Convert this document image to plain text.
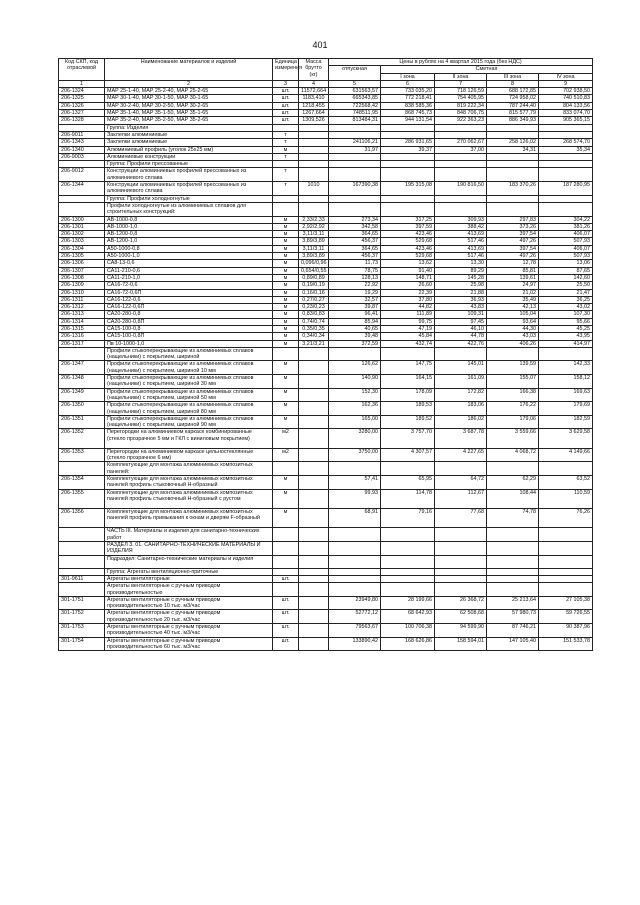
401
Код СКП, код отраслевой	Наименование материалов и изделий	Единица измерения	Масса брутто (кг)	Цены в рублях на 4 квартал 2015 года (без НДС)				
				отпускная	Сметная			
					I зона	II зона	III зона	IV зона
1	2	3	4	5	6	7	8	9
206-1324	МАР 25-1-40, МАР 25-2-40, МАР 25-2-65	шт.	11572,664	631563,57	733 035,20	718 126,59	688 172,85	702 938,50
206-1325	МАР 30-1-40, МАР 30-1-50, МАР 30-1-65	шт.	1183,410	665343,85	772 218,41	754 405,95	724 958,02	740 510,83
206-1326	МАР 30-2-40, МАР 30-2-50, МАР 30-2-65	шт.	1218,455	722568,42	838 585,36	819 222,34	787 244,40	804 133,56
206-1327	МАР 35-1-40, МАР 35-1-50, МАР 35-1-65	шт.	1267,664	748511,95	868 745,73	848 706,75	815 577,79	833 074,70
206-1328	МАР 35-2-40, МАР 35-2-50, МАР 35-2-65	шт.	1309,526	813484,31	944 131,54	922 363,23	886 349,93	905 365,15
	Группа: Изделия							
206-9011	Заклепки алюминиевые	т						
206-1343	Заклепки алюминиевые	т		241106,21	286 931,65	270 062,67	258 126,02	268 574,70
206-1340	Алюминиевый профиль (уголок 25х25 мм)	м		31,97	39,37	37,00	34,31	35,34
206-9003	Алюминиевые конструкции	т						
	Группа: Профили прессованные							
206-9012	Конструкции алюминиевых профилей прессованных из алюминиевого сплава	т						
206-1344	Конструкции алюминиевых профилей прессованных из алюминиевого сплава	т	1010	167390,38	195 315,08	190 816,50	183 370,26	187 280,95
	Группа: Профили холодногнутые							
	Профили холодногнутые из алюминиевых сплавов для строительных конструкций:							
206-1300	АВ-1000-0,8	м	2,33/2,33	273,34	317,25	309,93	297,83	304,22
206-1301	АВ-1000-1,0	м	2,92/2,92	342,58	397,59	388,42	373,26	381,26
206-1302	АВ-1200-0,8	м	3,11/3,11	364,65	423,46	413,69	397,54	406,07
206-1303	АВ-1200-1,0	м	3,89/3,89	456,37	529,68	517,46	497,26	507,93
206-1304	А50-1000-0,8	м	3,11/3,11	364,65	423,46	413,69	397,54	406,07
206-1305	А50-1000-1,0	м	3,89/3,89	456,37	529,68	517,46	497,26	507,93
206-1306	СА8-13-0,6	м	0,096/0,96	11,73	13,62	13,30	12,78	13,06
206-1307	СА11-210-0,6	м	0,654/0,55	78,75	91,40	89,29	85,81	87,65
206-1308	СА11-210-1,0	м	0,89/0,89	128,13	148,71	145,28	139,61	142,60
206-1309	СА16-72-0,6	м	0,19/0,19	22,92	26,60	25,98	24,97	25,50
206-1310	СА16-72-0,6П	м	0,16/0,16	19,29	22,39	21,88	21,02	21,47
206-1311	СА16-122-0,6	м	0,27/0,27	32,57	37,80	36,93	35,49	36,25
206-1312	СА16-122-0,6П	м	0,23/0,23	39,87	44,82	43,83	42,13	43,02
206-1313	СА20-280-0,8	м	0,83/0,83	96,41	111,89	109,31	105,04	107,30
206-1314	СА20-280-0,8П	м	0,74/0,74	85,94	99,75	97,45	93,64	95,66
206-1315	СА15-100-0,8	м	0,35/0,35	40,65	47,19	46,10	44,30	45,25
206-1316	СА15-100-0,8П	м	0,34/0,34	39,48	45,84	44,78	43,03	43,95
206-1317	Пв 10-1000-1,0	м	3,21/3,21	372,59	432,74	422,76	406,26	414,97
	Профили стыкоперекрывающие из алюминиевых сплавов (нащельники) с покрытием, шириной							
206-1347	Профили стыкоперекрывающие из алюминиевых сплавов (нащельники) с покрытием, шириной 10 мм	м		126,62	147,75	145,01	139,59	142,33
206-1348	Профили стыкоперекрывающие из алюминиевых сплавов (нащельники) с покрытием, шириной 30 мм	м		140,90	164,15	161,09	155,07	158,12
206-1349	Профили стыкоперекрывающие из алюминиевых сплавов (нащельники) с покрытием, шириной 50 мм	м		152,30	178,09	172,82	166,38	169,63
206-1350	Профили стыкоперекрывающие из алюминиевых сплавов (нащельники) с покрытием, шириной 80 мм	м		162,36	189,53	183,06	176,22	179,69
206-1351	Профили стыкоперекрывающие из алюминиевых сплавов (нащельники) с покрытием, шириной 90 мм	м		165,00	189,52	186,02	179,06	182,59
206-1352	Перегородки на алюминиевом каркасе комбинированные (стекло прозрачное 5 мм и ГКЛ с виниловым покрытием)	м2		3280,00	3 757,70	3 687,78	3 559,66	3 629,58
206-1353	Перегородки на алюминиевом каркасе цельностеклянные (стекло прозрачное 6 мм)	м2		3750,00	4 307,57	4 227,65	4 068,72	4 149,66
	Комплектующие для монтажа алюминиевых композитных панелей:							
206-1354	Комплектующие для монтажа алюминиевых композитных панелей профиль стыковочный Н-образный	м		57,41	65,95	64,72	62,29	63,52
206-1355	Комплектующие для монтажа алюминиевых композитных панелей профиль стыковочный Н-образный с рустом	м		99,93	114,78	112,67	108,44	110,59
206-1356	Комплектующие для монтажа алюминиевых композитных панелей профиль примыкания к окнам и дверям F-образный	м		68,91	79,16	77,68	74,78	76,26
	ЧАСТЬ III. Материалы и изделия для санитарно-технических работ							
	РАЗДЕЛ 3. 01. САНИТАРНО-ТЕХНИЧЕСКИЕ МАТЕРИАЛЫ И ИЗДЕЛИЯ							
	Подраздел: Санитарно-технические материалы и изделия							
	Группа: Агрегаты вентиляционно-приточные							
301-9611	Агрегаты вентиляторные	шт.						
	Агрегаты вентиляторные с ручным приводом производительностью							
301-1751	Агрегаты вентиляторные с ручным приводом производительностью 10 тыс. м3/час	шт.		23949,80	28 199,66	26 368,72	25 213,64	27 105,38
301-1752	Агрегаты вентиляторные с ручным приводом производительностью 20 тыс. м3/час	шт.		52772,12	68 642,93	62 508,68	57 980,73	59 726,55
301-1753	Агрегаты вентиляторные с ручным приводом производительностью 40 тыс. м3/час	шт.		79563,67	100 706,38	94 599,90	87 746,21	90 387,96
301-1754	Агрегаты вентиляторные с ручным приводом производительностью 60 тыс. м3/час	шт.		133890,42	168 626,86	158 594,01	147 105,40	151 533,78
